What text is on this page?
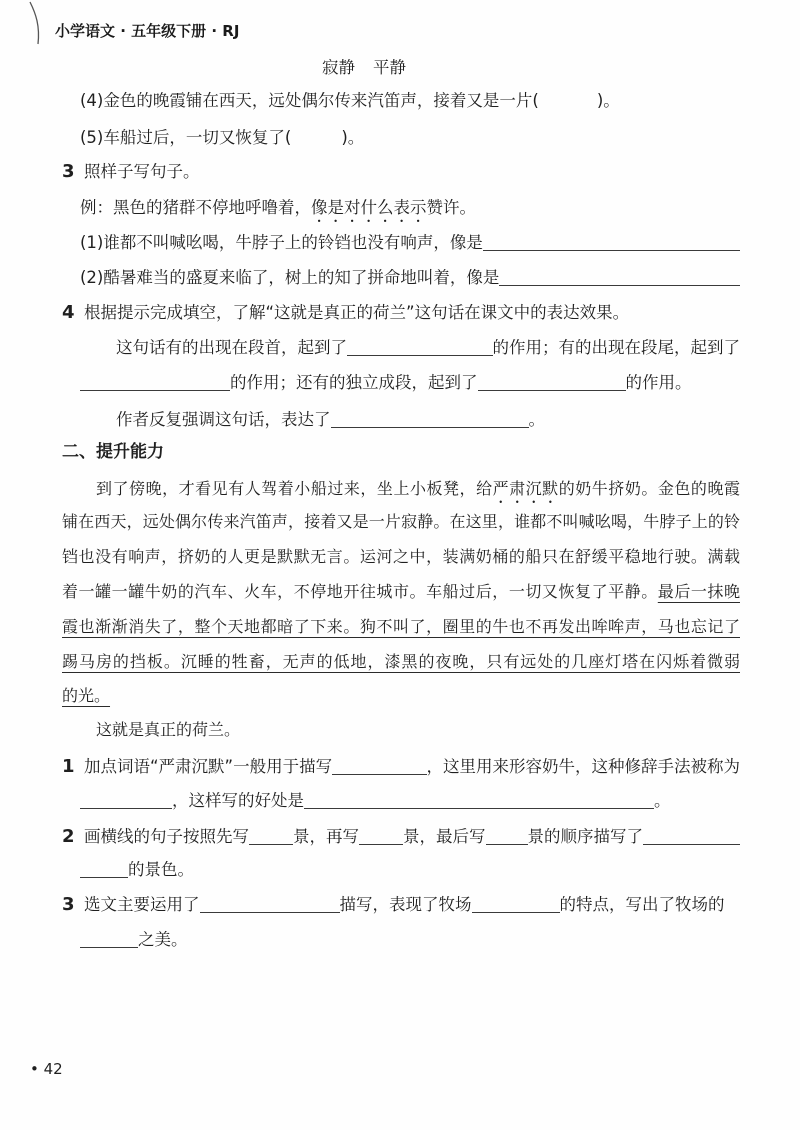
小学语文 · 五年级下册 · RJ
寂静 平静
(4)金色的晚霞铺在西天，远处偶尔传来汽笛声，接着又是一片(	)。
(5)车船过后，一切又恢复了(	)。
3 照样子写句子。
例：黑色的猪群不停地呼噜着， 像是对什么表示 赞许。
(1)谁都不叫喊吆喝，牛脖子上的铃铛也没有响声，像是
(2)酷暑难当的盛夏来临了，树上的知了拼命地叫着，像是
4 根据提示完成填空，了解“这就是真正的荷兰”这句话在课文中的表达效果。
这句话有的出现在段首，起到了	的作用；有的出现在段尾，起到了
的作用；还有的独立成段，起到了	的作用。
作者反复强调这句话，表达了	。
二、提升能力
到了傍晚，才看见有人驾着小船过来，坐上小板凳，给严肃沉默的奶牛挤奶。金色的晚霞
铺在西天，远处偶尔传来汽笛声，接着又是一片寂静。在这里，谁都不叫喊吆喝，牛脖子上的铃
铛也没有响声，挤奶的人更是默默无言。运河之中，装满奶桶的船只在舒缓平稳地行驶。满载
着一罐一罐牛奶的汽车、火车，不停地开往城市。车船过后，一切又恢复了平静。最后一抹晚
霞也渐渐消失了，整个天地都暗了下来。狗不叫了，圈里的牛也不再发出哞哞声，马也忘记了
踢马房的挡板。沉睡的牲畜，无声的低地，漆黑的夜晚，只有远处的几座灯塔在闪烁着微弱
的光。
这就是真正的荷兰。
1 加点词语“严肃沉默”一般用于描写	，这里用来形容奶牛，这种修辞手法被称为
，这样写的好处是	。
2 画横线的句子按照先写	景，再写	景，最后写	景的顺序描写了
的景色。
3 选文主要运用了	描写，表现了牧场	的特点，写出了牧场的
之美。
• 42
